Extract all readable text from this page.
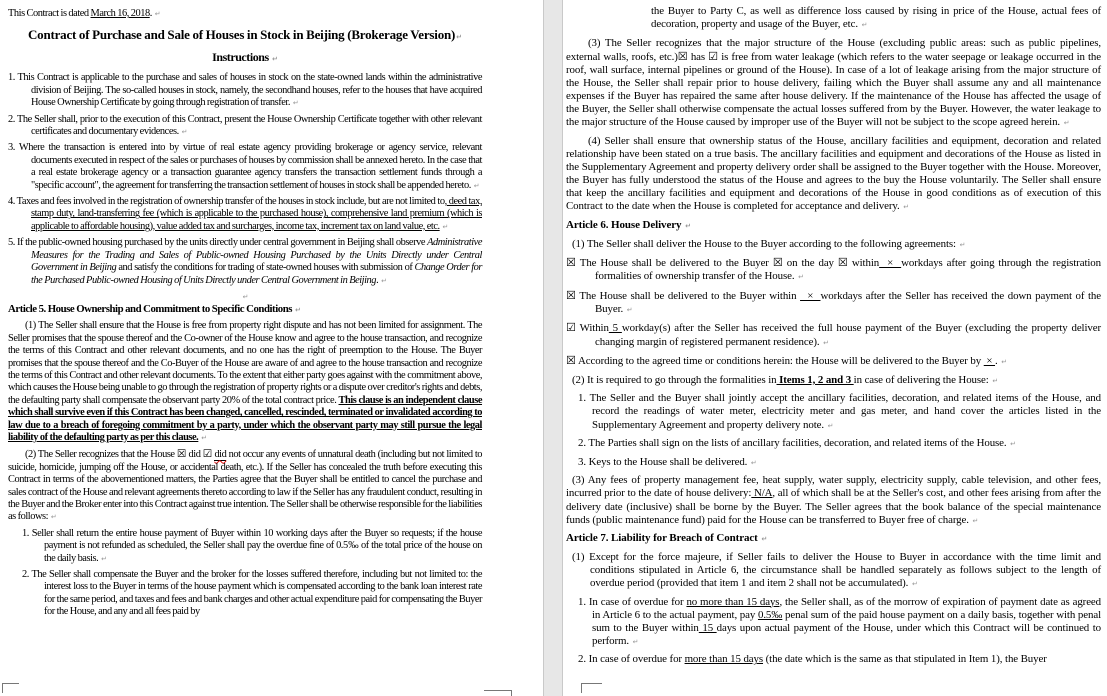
This Contract is dated March 16, 2018. ↵
Contract of Purchase and Sale of Houses in Stock in Beijing (Brokerage Version)↵
Instructions ↵
1. This Contract is applicable to the purchase and sales of houses in stock on the state-owned lands within the administrative division of Beijing. The so-called houses in stock, namely, the secondhand houses, refer to the houses that have acquired House Ownership Certificate by going through registration of transfer. ↵
2. The Seller shall, prior to the execution of this Contract, present the House Ownership Certificate together with other relevant certificates and documentary evidences. ↵
3. Where the transaction is entered into by virtue of real estate agency providing brokerage or agency service, relevant documents executed in respect of the sales or purchases of houses by commission shall be annexed hereto. In the case that a real estate brokerage agency or a transaction guarantee agency transfers the transaction settlement funds through a "specific account", the agreement for transferring the transaction settlement of houses in stock shall be appended hereto. ↵
4. Taxes and fees involved in the registration of ownership transfer of the houses in stock include, but are not limited to, deed tax, stamp duty, land-transferring fee (which is applicable to the purchased house), comprehensive land premium (which is applicable to affordable housing), value added tax and surcharges, income tax, increment tax on land value, etc. ↵
5. If the public-owned housing purchased by the units directly under central government in Beijing shall observe Administrative Measures for the Trading and Sales of Public-owned Housing Purchased by the Units Directly under Central Government in Beijing and satisfy the conditions for trading of state-owned houses with submission of Change Order for the Purchased Public-owned Housing of Units Directly under Central Government in Beijing. ↵
↵
Article 5. House Ownership and Commitment to Specific Conditions ↵
(1) The Seller shall ensure that the House is free from property right dispute and has not been limited for assignment. The Seller promises that the spouse thereof and the Co-owner of the House know and agree to the house transaction, and recognize the terms of this Contract and other relevant documents, and no one has the right of preemption to the House. The Buyer promises that the spouse thereof and the Co-Buyer of the House are aware of and agree to the house transaction and recognize the terms of this Contract and other relevant documents. To the extent that either party goes against with the commitment above, which causes the House being unable to go through the registration of property rights or a dispute over creditor's rights and debts, the defaulting party shall compensate the observant party 20% of the total contract price. This clause is an independent clause which shall survive even if this Contract has been changed, cancelled, rescinded, terminated or invalidated according to law due to a breach of foregoing commitment by a party, under which the observant party may still pursue the legal liability of the defaulting party as per this clause. ↵
(2) The Seller recognizes that the House ☒ did ☑ did not occur any events of unnatural death (including but not limited to suicide, homicide, jumping off the House, or accidental death, etc.). If the Seller has concealed the truth before executing this Contract in terms of the abovementioned matters, the Parties agree that the Buyer shall be entitled to cancel the purchase and sales contract of the House and relevant agreements thereto according to law if the Seller has any fraudulent conduct, resulting in the Buyer and the Broker enter into this Contract against true intention. The Seller shall be otherwise responsible for the liabilities as follows: ↵
1. Seller shall return the entire house payment of Buyer within 10 working days after the Buyer so requests; if the house payment is not refunded as scheduled, the Seller shall pay the overdue fine of 0.5‰ of the total price of the house on the daily basis. ↵
2. The Seller shall compensate the Buyer and the broker for the losses suffered therefore, including but not limited to: the interest loss to the Buyer in terms of the house payment which is compensated according to the bank loan interest rate for the same period, and taxes and fees and bank charges and other actual expenditure paid for compensating the Buyer for the House, and any and all fees paid by
the Buyer to Party C, as well as difference loss caused by rising in price of the House, actual fees of decoration, property and usage of the Buyer, etc. ↵
(3) The Seller recognizes that the major structure of the House (excluding public areas: such as public pipelines, external walls, roofs, etc.)☒ has ☑ is free from water leakage (which refers to the water seepage or leakage occurred in the roof, wall surface, internal pipelines or ground of the House). In case of a lot of leakage arising from the major structure of the House, the Seller shall repair prior to house delivery, failing which the Buyer shall assume any and all maintenance expenses if the Buyer has repaired the same after house delivery. If the maintenance of the House has affected the usage of the Buyer, the Seller shall otherwise compensate the actual losses suffered from by the Buyer. However, the water leakage to the major structure of the House caused by improper use of the Buyer will not be subject to the scope agreed herein. ↵
(4) Seller shall ensure that ownership status of the House, ancillary facilities and equipment, decoration and related relationship have been stated on a true basis. The ancillary facilities and equipment and decorations of the House as listed in the Supplementary Agreement and property delivery order shall be assigned to the Buyer together with the House. Moreover, the Buyer has fully understood the status of the House and agrees to the buy the House voluntarily. The Seller shall ensure that keep the ancillary facilities and equipment and decorations of the House in good conditions as of execution of this Contract to the date when the House is completed for acceptance and delivery. ↵
Article 6. House Delivery ↵
(1) The Seller shall deliver the House to the Buyer according to the following agreements: ↵
☒ The House shall be delivered to the Buyer ☒ on the day ☒ within  ×  workdays after going through the registration formalities of ownership transfer of the House. ↵
☒ The House shall be delivered to the Buyer within   ×  workdays after the Seller has received the down payment of the Buyer. ↵
☑ Within 5 workday(s) after the Seller has received the full house payment of the Buyer (excluding the property deliver changing margin of registered permanent residence). ↵
☒ According to the agreed time or conditions herein: the House will be delivered to the Buyer by  × . ↵
(2) It is required to go through the formalities in Items 1, 2 and 3 in case of delivering the House: ↵
1. The Seller and the Buyer shall jointly accept the ancillary facilities, decoration, and related items of the House, and record the readings of water meter, electricity meter and gas meter, and hand cover the articles listed in the Supplementary Agreement and property delivery note. ↵
2. The Parties shall sign on the lists of ancillary facilities, decoration, and related items of the House. ↵
3. Keys to the House shall be delivered. ↵
(3) Any fees of property management fee, heat supply, water supply, electricity supply, cable television, and other fees, incurred prior to the date of house delivery: N/A, all of which shall be at the Seller's cost, and other fees arising from after the delivery date (inclusive) shall be borne by the Buyer. The Seller agrees that the book balance of the special maintenance funds (public maintenance fund) paid for the House can be transferred to Buyer free of charge. ↵
Article 7. Liability for Breach of Contract ↵
(1) Except for the force majeure, if Seller fails to deliver the House to Buyer in accordance with the time limit and conditions stipulated in Article 6, the circumstance shall be handled separately as follows subject to the length of overdue period (provided that item 1 and item 2 shall not be accumulated). ↵
1. In case of overdue for no more than 15 days, the Seller shall, as of the morrow of expiration of payment date as agreed in Article 6 to the actual payment, pay 0.5‰ penal sum of the paid house payment on a daily basis, together with penal sum to the Buyer within 15 days upon actual payment of the House, under which this Contract will be continued to perform. ↵
2. In case of overdue for more than 15 days (the date which is the same as that stipulated in Item 1), the Buyer
